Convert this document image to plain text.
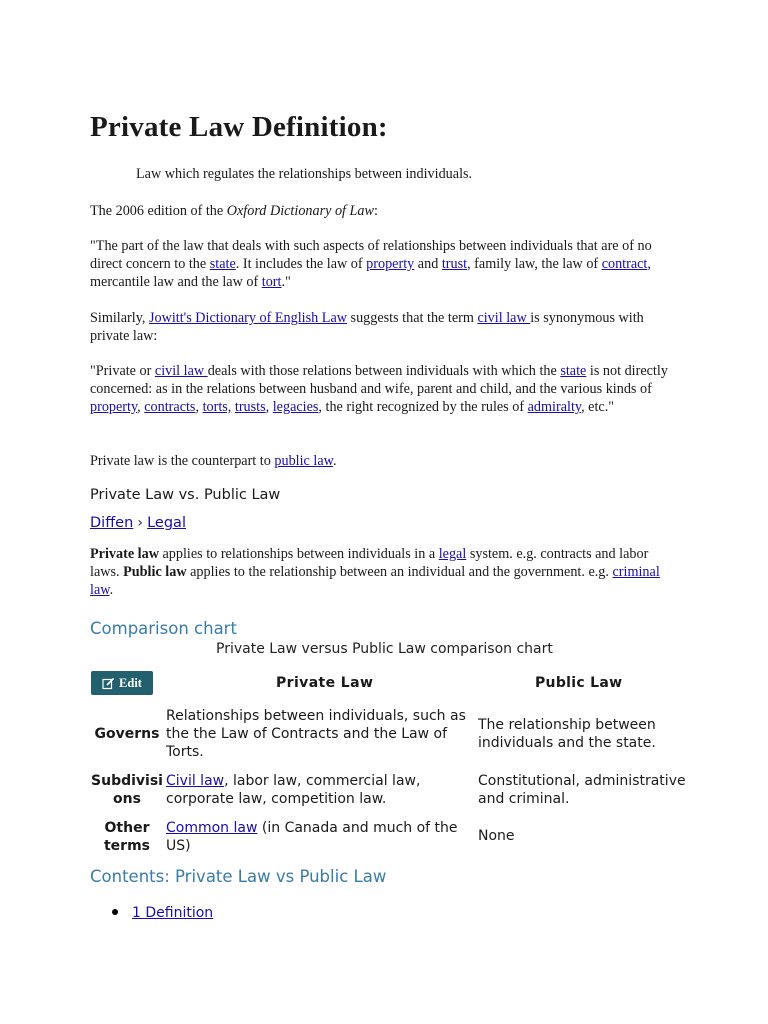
Private Law Definition:
Law which regulates the relationships between individuals.

The 2006 edition of the Oxford Dictionary of Law:

"The part of the law that deals with such aspects of relationships between individuals that are of no direct concern to the state. It includes the law of property and trust, family law, the law of contract, mercantile law and the law of tort."

Similarly, Jowitt's Dictionary of English Law suggests that the term civil law is synonymous with private law:

"Private or civil law deals with those relations between individuals with which the state is not directly concerned: as in the relations between husband and wife, parent and child, and the various kinds of property, contracts, torts, trusts, legacies, the right recognized by the rules of admiralty, etc."

Private law is the counterpart to public law.

Private Law vs. Public Law
Diffen › Legal

Private law applies to relationships between individuals in a legal system. e.g. contracts and labor laws. Public law applies to the relationship between an individual and the government. e.g. criminal law.

Comparison chart
Private Law versus Public Law comparison chart
Edit	Private Law	Public Law
Governs
Relationships between individuals, such as the the Law of Contracts and the Law of Torts.
The relationship between individuals and the state.
Subdivisi ons
Civil law, labor law, commercial law, corporate law, competition law.
Constitutional, administrative and criminal.
Other terms
Common law (in Canada and much of the US)
None
Contents: Private Law vs Public Law
1 Definition
